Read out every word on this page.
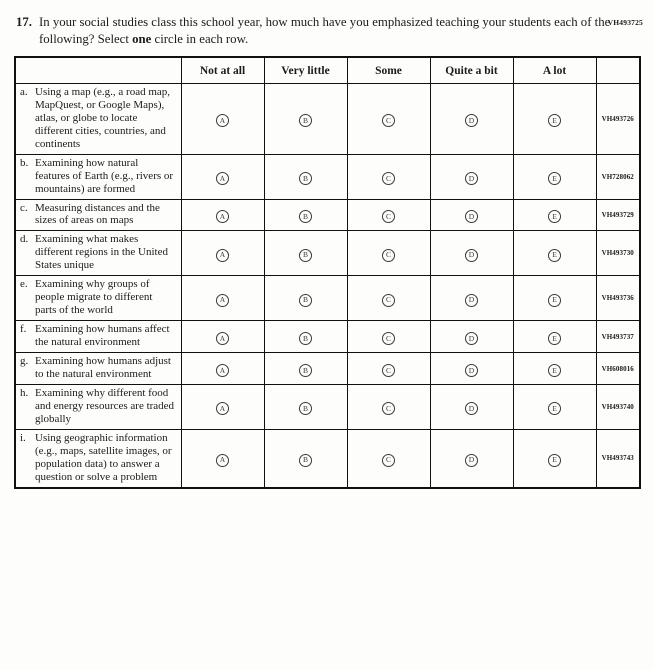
VH493725
17. In your social studies class this school year, how much have you emphasized teaching your students each of the following? Select one circle in each row.
	Not at all	Very little	Some	Quite a bit	A lot	
a. Using a map (e.g., a road map, MapQuest, or Google Maps), atlas, or globe to locate different cities, countries, and continents	A	B	C	D	E	VH493726
b. Examining how natural features of Earth (e.g., rivers or mountains) are formed	A	B	C	D	E	VH728062
c. Measuring distances and the sizes of areas on maps	A	B	C	D	E	VH493729
d. Examining what makes different regions in the United States unique	A	B	C	D	E	VH493730
e. Examining why groups of people migrate to different parts of the world	A	B	C	D	E	VH493736
f. Examining how humans affect the natural environment	A	B	C	D	E	VH493737
g. Examining how humans adjust to the natural environment	A	B	C	D	E	VH608016
h. Examining why different food and energy resources are traded globally	A	B	C	D	E	VH493740
i. Using geographic information (e.g., maps, satellite images, or population data) to answer a question or solve a problem	A	B	C	D	E	VH493743
